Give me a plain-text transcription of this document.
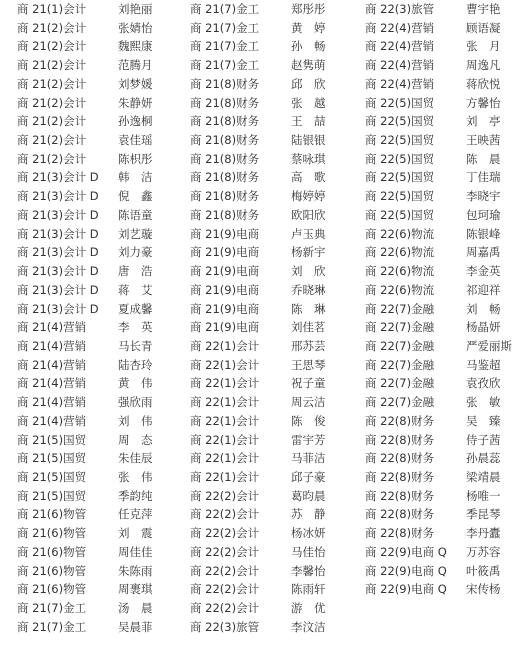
商 21(1)会计	刘艳丽
商 21(2)会计	张婧怡
商 21(2)会计	魏熙康
商 21(2)会计	范腾月
商 21(2)会计	刘梦媛
商 21(2)会计	朱静妍
商 21(2)会计	孙逸桐
商 21(2)会计	袁佳瑶
商 21(2)会计	陈枳彤
商 21(3)会计 D 韩　洁
商 21(3)会计 D 倪　鑫
商 21(3)会计 D 陈语童
商 21(3)会计 D 刘艺璇
商 21(3)会计 D 刘力豪
商 21(3)会计 D 唐　浩
商 21(3)会计 D 蒋　艾
商 21(3)会计 D 夏成馨
商 21(4)营销	李　英
商 21(4)营销	马长青
商 21(4)营销	陆杏玲
商 21(4)营销	黄　伟
商 21(4)营销	强欣雨
商 21(4)营销	刘　伟
商 21(5)国贸	周　态
商 21(5)国贸	朱佳辰
商 21(5)国贸	张　伟
商 21(5)国贸	季韵纯
商 21(6)物管	任克萍
商 21(6)物管	刘　震
商 21(6)物管	周佳佳
商 21(6)物管	朱陈雨
商 21(6)物管	周裹琪
商 21(7)金工	汤　晨
商 21(7)金工	吴晨菲
商 21(7)金工	郑彤彤
商 21(7)金工	黄　婷
商 21(7)金工	孙　畅
商 21(7)金工	赵隽萌
商 21(8)财务	邱　欣
商 21(8)财务	张　越
商 21(8)财务	王　喆
商 21(8)财务	陆银银
商 21(8)财务	蔡咏琪
商 21(8)财务	高　歌
商 21(8)财务	梅婷婷
商 21(8)财务	欧阳欣
商 21(9)电商	卢玉典
商 21(9)电商	杨新宇
商 21(9)电商	刘　欣
商 21(9)电商	乔晓琳
商 21(9)电商	陈　琳
商 21(9)电商	刘佳茗
商 22(1)会计	邢苏芸
商 22(1)会计	王思琴
商 22(1)会计	祝子童
商 22(1)会计	周云洁
商 22(1)会计	陈　俊
商 22(1)会计	雷宇芳
商 22(1)会计	马菲洁
商 22(1)会计	邱子豪
商 22(2)会计	葛昀晨
商 22(2)会计	苏　静
商 22(2)会计	杨冰妍
商 22(2)会计	马佳怡
商 22(2)会计	李馨怡
商 22(2)会计	陈雨轩
商 22(2)会计	游　优
商 22(3)旅管	李汶洁
商 22(3)旅管	曹宇艳
商 22(4)营销	顾语凝
商 22(4)营销	张　月
商 22(4)营销	周逸凡
商 22(4)营销	蒋欣悦
商 22(5)国贸	方馨怡
商 22(5)国贸	刘　亭
商 22(5)国贸	王映茜
商 22(5)国贸	陈　晨
商 22(5)国贸	丁佳瑞
商 22(5)国贸	李晓宇
商 22(5)国贸	包珂瑜
商 22(6)物流	陈银峰
商 22(6)物流	周嘉禹
商 22(6)物流	李金英
商 22(6)物流	祁迎祥
商 22(7)金融	刘　畅
商 22(7)金融	杨晶妍
商 22(7)金融	严爱丽斯
商 22(7)金融	马鉴超
商 22(7)金融	袁孜欣
商 22(7)金融	张　敏
商 22(8)财务	吴　臻
商 22(8)财务	侍子茜
商 22(8)财务	孙晨蕊
商 22(8)财务	梁靖晨
商 22(8)财务	杨唯一
商 22(8)财务	季昆琴
商 22(8)财务	李丹蠹
商 22(9)电商 Q 万苏容
商 22(9)电商 Q 叶筱禹
商 22(9)电商 Q 宋传杨
